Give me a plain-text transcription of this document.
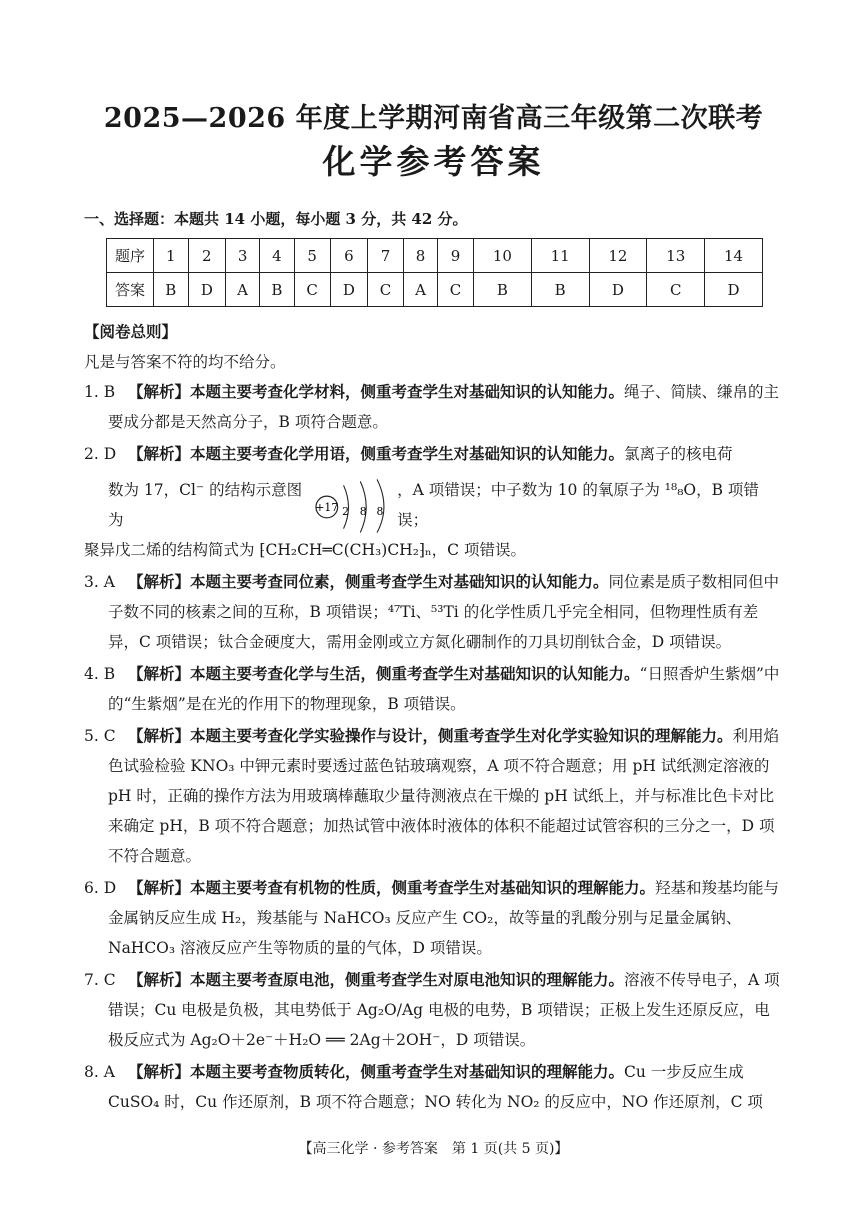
2025—2026 年度上学期河南省高三年级第二次联考
化学参考答案
一、选择题：本题共 14 小题，每小题 3 分，共 42 分。
题序	1	2	3	4	5	6	7	8	9	10	11	12	13	14
答案	B	D	A	B	C	D	C	A	C	B	B	D	C	D
【阅卷总则】
凡是与答案不符的均不给分。
1. B 【解析】本题主要考查化学材料，侧重考查学生对基础知识的认知能力。绳子、简牍、缣帛的主要成分都是天然高分子，B 项符合题意。
2. D 【解析】本题主要考查化学用语，侧重考查学生对基础知识的认知能力。氯离子的核电荷
数为 17，Cl⁻ 的结构示意图为
+17 2 8 8
，A 项错误；中子数为 10 的氧原子为 ¹⁸₈O，B 项错误；
聚异戊二烯的结构简式为 ⁅CH₂CH═C(CH₃)CH₂⁆ₙ，C 项错误。
3. A 【解析】本题主要考查同位素，侧重考查学生对基础知识的认知能力。同位素是质子数相同但中子数不同的核素之间的互称，B 项错误；⁴⁷Ti、⁵³Ti 的化学性质几乎完全相同，但物理性质有差异，C 项错误；钛合金硬度大，需用金刚或立方氮化硼制作的刀具切削钛合金，D 项错误。
4. B 【解析】本题主要考查化学与生活，侧重考查学生对基础知识的认知能力。“日照香炉生紫烟”中的“生紫烟”是在光的作用下的物理现象，B 项错误。
5. C 【解析】本题主要考查化学实验操作与设计，侧重考查学生对化学实验知识的理解能力。利用焰色试验检验 KNO₃ 中钾元素时要透过蓝色钴玻璃观察，A 项不符合题意；用 pH 试纸测定溶液的 pH 时，正确的操作方法为用玻璃棒蘸取少量待测液点在干燥的 pH 试纸上，并与标准比色卡对比来确定 pH，B 项不符合题意；加热试管中液体时液体的体积不能超过试管容积的三分之一，D 项不符合题意。
6. D 【解析】本题主要考查有机物的性质，侧重考查学生对基础知识的理解能力。羟基和羧基均能与金属钠反应生成 H₂，羧基能与 NaHCO₃ 反应产生 CO₂，故等量的乳酸分别与足量金属钠、NaHCO₃ 溶液反应产生等物质的量的气体，D 项错误。
7. C 【解析】本题主要考查原电池，侧重考查学生对原电池知识的理解能力。溶液不传导电子，A 项错误；Cu 电极是负极，其电势低于 Ag₂O/Ag 电极的电势，B 项错误；正极上发生还原反应，电极反应式为 Ag₂O＋2e⁻＋H₂O ══ 2Ag＋2OH⁻，D 项错误。
8. A 【解析】本题主要考查物质转化，侧重考查学生对基础知识的理解能力。Cu 一步反应生成 CuSO₄ 时，Cu 作还原剂，B 项不符合题意；NO 转化为 NO₂ 的反应中，NO 作还原剂，C 项
【高三化学 · 参考答案　第 1 页(共 5 页)】
